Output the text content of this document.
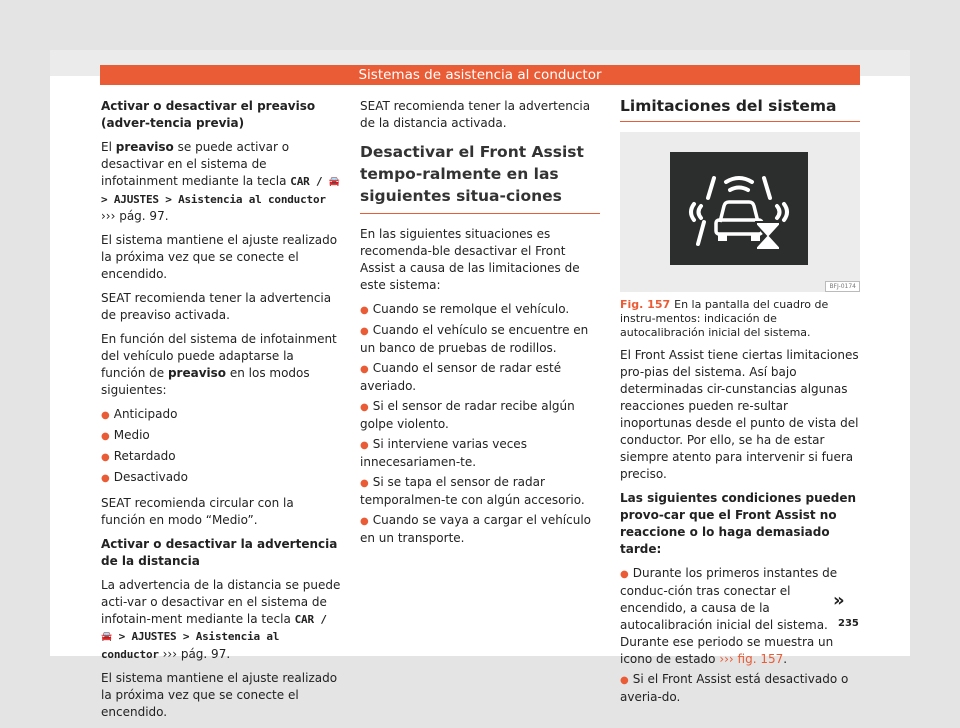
Sistemas de asistencia al conductor

Activar o desactivar el preaviso (adver-tencia previa)

El preaviso se puede activar o desactivar en el sistema de infotainment mediante la tecla CAR / 🚘 > AJUSTES > Asistencia al conductor ››› pág. 97.

El sistema mantiene el ajuste realizado la próxima vez que se conecte el encendido.

SEAT recomienda tener la advertencia de preaviso activada.

En función del sistema de infotainment del vehículo puede adaptarse la función de preaviso en los modos siguientes:

● Anticipado
● Medio
● Retardado
● Desactivado

SEAT recomienda circular con la función en modo “Medio”.

Activar o desactivar la advertencia de la distancia

La advertencia de la distancia se puede acti-var o desactivar en el sistema de infotain-ment mediante la tecla CAR / 🚘 > AJUSTES > Asistencia al conductor ››› pág. 97.

El sistema mantiene el ajuste realizado la próxima vez que se conecte el encendido.

SEAT recomienda tener la advertencia de la distancia activada.

Desactivar el Front Assist tempo-ralmente en las siguientes situa-ciones

En las siguientes situaciones es recomenda-ble desactivar el Front Assist a causa de las limitaciones de este sistema:

● Cuando se remolque el vehículo.
● Cuando el vehículo se encuentre en un banco de pruebas de rodillos.
● Cuando el sensor de radar esté averiado.
● Si el sensor de radar recibe algún golpe violento.
● Si interviene varias veces innecesariamen-te.
● Si se tapa el sensor de radar temporalmen-te con algún accesorio.
● Cuando se vaya a cargar el vehículo en un transporte.
Limitaciones del sistema
BFJ-0174

Fig. 157 En la pantalla del cuadro de instru-mentos: indicación de autocalibración inicial del sistema.

El Front Assist tiene ciertas limitaciones pro-pias del sistema. Así bajo determinadas cir-cunstancias algunas reacciones pueden re-sultar inoportunas desde el punto de vista del conductor. Por ello, se ha de estar siempre atento para intervenir si fuera preciso.

Las siguientes condiciones pueden provo-car que el Front Assist no reaccione o lo haga demasiado tarde:

● Durante los primeros instantes de conduc-ción tras conectar el encendido, a causa de la autocalibración inicial del sistema. Durante ese periodo se muestra un icono de estado ››› fig. 157.
● Si el Front Assist está desactivado o averia-do.
»
235
